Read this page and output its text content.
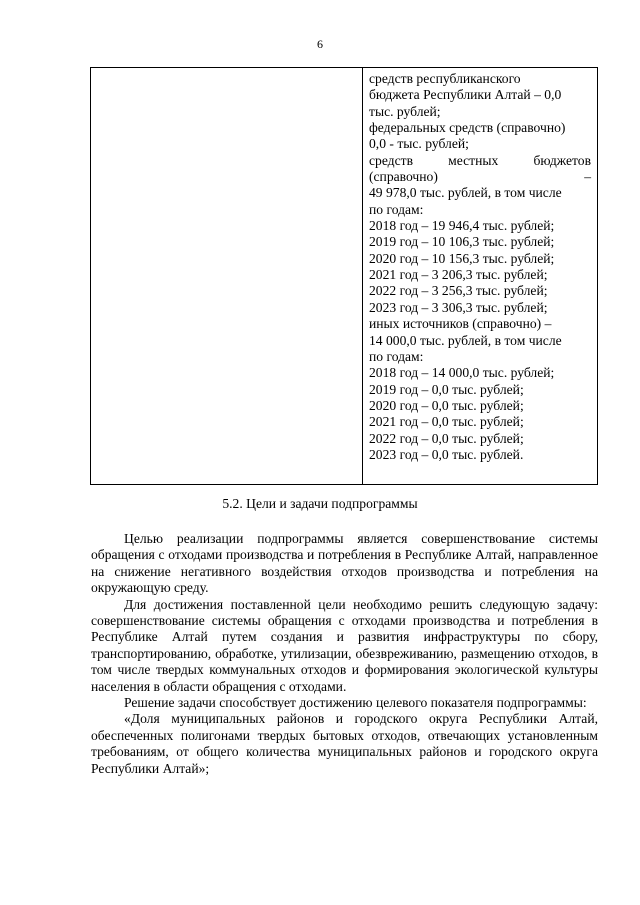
6
средств республиканского
бюджета Республики Алтай – 0,0
тыс. рублей;
федеральных средств (справочно)
0,0 - тыс. рублей;
средств	местных	бюджетов
(справочно)	–
49 978,0 тыс. рублей, в том числе
по годам:
2018 год – 19 946,4 тыс. рублей;
2019 год – 10 106,3 тыс. рублей;
2020 год – 10 156,3 тыс. рублей;
2021 год – 3 206,3 тыс. рублей;
2022 год – 3 256,3 тыс. рублей;
2023 год – 3 306,3 тыс. рублей;
иных источников (справочно) –
14 000,0 тыс. рублей, в том числе
по годам:
2018 год – 14 000,0 тыс. рублей;
2019 год – 0,0 тыс. рублей;
2020 год – 0,0 тыс. рублей;
2021 год – 0,0 тыс. рублей;
2022 год – 0,0 тыс. рублей;
2023 год – 0,0 тыс. рублей.
5.2. Цели и задачи подпрограммы

Целью реализации подпрограммы является совершенствование системы обращения с отходами производства и потребления в Республике Алтай, направленное на снижение негативного воздействия отходов производства и потребления на окружающую среду.

Для достижения поставленной цели необходимо решить следующую задачу: совершенствование системы обращения с отходами производства и потребления в Республике Алтай путем создания и развития инфраструктуры по сбору, транспортированию, обработке, утилизации, обезвреживанию, размещению отходов, в том числе твердых коммунальных отходов и формирования экологической культуры населения в области обращения с отходами.

Решение задачи способствует достижению целевого показателя подпрограммы:

«Доля муниципальных районов и городского округа Республики Алтай, обеспеченных полигонами твердых бытовых отходов, отвечающих установленным требованиям, от общего количества муниципальных районов и городского округа Республики Алтай»;
